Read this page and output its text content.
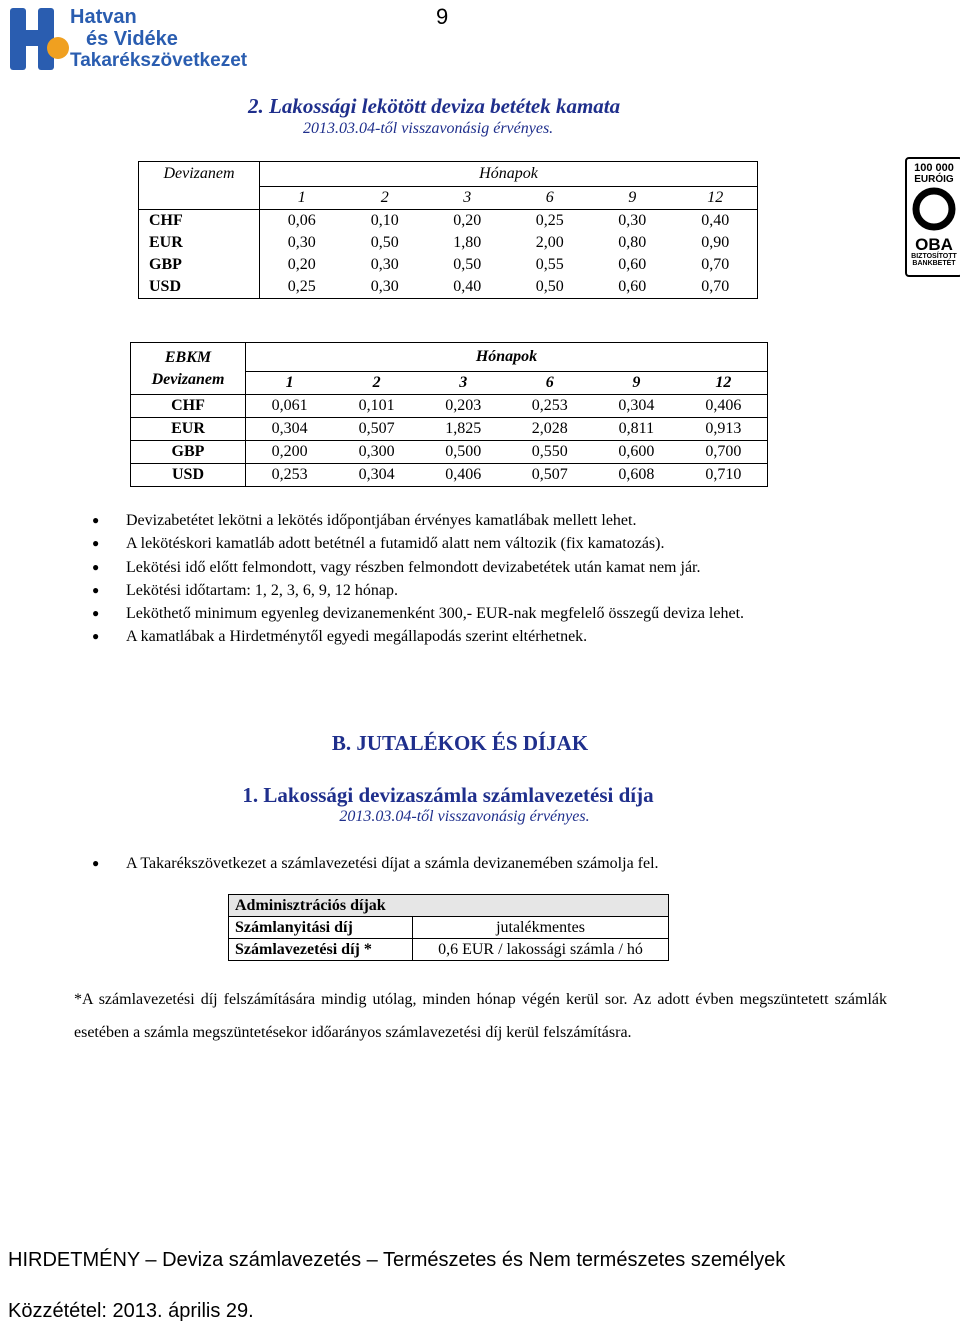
Hatvan
és Vidéke
Takarékszövetkezet
9
2. Lakossági lekötött deviza betétek kamata
2013.03.04-től visszavonásig érvényes.
Devizanem	Hónapok					
	1	2	3	6	9	12
CHF	0,06	0,10	0,20	0,25	0,30	0,40
EUR	0,30	0,50	1,80	2,00	0,80	0,90
GBP	0,20	0,30	0,50	0,55	0,60	0,70
USD	0,25	0,30	0,40	0,50	0,60	0,70
100 000
EURÓIG
OBA
BIZTOSÍTOTT
BANKBETÉT
EBKM
Devizanem	Hónapok					
	1	2	3	6	9	12
CHF	0,061	0,101	0,203	0,253	0,304	0,406
EUR	0,304	0,507	1,825	2,028	0,811	0,913
GBP	0,200	0,300	0,500	0,550	0,600	0,700
USD	0,253	0,304	0,406	0,507	0,608	0,710
● Devizabetétet lekötni a lekötés időpontjában érvényes kamatlábak mellett lehet.
● A lekötéskori kamatláb adott betétnél a futamidő alatt nem változik (fix kamatozás).
● Lekötési idő előtt felmondott, vagy részben felmondott devizabetétek után kamat nem jár.
● Lekötési időtartam: 1, 2, 3, 6, 9, 12 hónap.
● Leköthető minimum egyenleg devizanemenként 300,- EUR-nak megfelelő összegű deviza lehet.
● A kamatlábak a Hirdetménytől egyedi megállapodás szerint eltérhetnek.
B. JUTALÉKOK ÉS DÍJAK
1. Lakossági devizaszámla számlavezetési díja
2013.03.04-től visszavonásig érvényes.
● A Takarékszövetkezet a számlavezetési díjat a számla devizanemében számolja fel.
Adminisztrációs díjak	
Számlanyitási díj	jutalékmentes
Számlavezetési díj *	0,6 EUR / lakossági számla / hó
*A számlavezetési díj felszámítására mindig utólag, minden hónap végén kerül sor. Az adott évben megszüntetett számlák esetében a számla megszüntetésekor időarányos számlavezetési díj kerül felszámításra.
HIRDETMÉNY – Deviza számlavezetés – Természetes és Nem természetes személyek
Közzététel: 2013. április 29.
